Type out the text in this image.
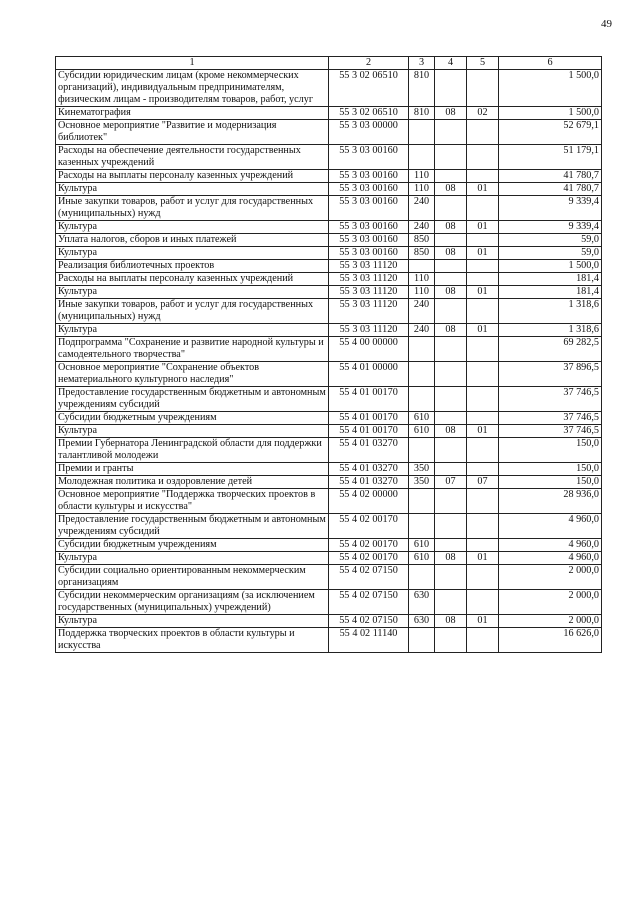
49
1	2	3	4	5	6
Субсидии юридическим лицам (кроме некоммерческих организаций), индивидуальным предпринимателям, физическим лицам - производителям товаров, работ, услуг	55 3 02 06510	810			1 500,0
Кинематография	55 3 02 06510	810	08	02	1 500,0
Основное мероприятие "Развитие и модернизация библиотек"	55 3 03 00000				52 679,1
Расходы на обеспечение деятельности государственных казенных учреждений	55 3 03 00160				51 179,1
Расходы на выплаты персоналу казенных учреждений	55 3 03 00160	110			41 780,7
Культура	55 3 03 00160	110	08	01	41 780,7
Иные закупки товаров, работ и услуг для государственных (муниципальных) нужд	55 3 03 00160	240			9 339,4
Культура	55 3 03 00160	240	08	01	9 339,4
Уплата налогов, сборов и иных платежей	55 3 03 00160	850			59,0
Культура	55 3 03 00160	850	08	01	59,0
Реализация библиотечных проектов	55 3 03 11120				1 500,0
Расходы на выплаты персоналу казенных учреждений	55 3 03 11120	110			181,4
Культура	55 3 03 11120	110	08	01	181,4
Иные закупки товаров, работ и услуг для государственных (муниципальных) нужд	55 3 03 11120	240			1 318,6
Культура	55 3 03 11120	240	08	01	1 318,6
Подпрограмма "Сохранение и развитие народной культуры и самодеятельного творчества"	55 4 00 00000				69 282,5
Основное мероприятие "Сохранение объектов нематериального культурного наследия"	55 4 01 00000				37 896,5
Предоставление государственным бюджетным и автономным учреждениям субсидий	55 4 01 00170				37 746,5
Субсидии бюджетным учреждениям	55 4 01 00170	610			37 746,5
Культура	55 4 01 00170	610	08	01	37 746,5
Премии Губернатора Ленинградской области для поддержки талантливой молодежи	55 4 01 03270				150,0
Премии и гранты	55 4 01 03270	350			150,0
Молодежная политика и оздоровление детей	55 4 01 03270	350	07	07	150,0
Основное мероприятие "Поддержка творческих проектов в области культуры и искусства"	55 4 02 00000				28 936,0
Предоставление государственным бюджетным и автономным учреждениям субсидий	55 4 02 00170				4 960,0
Субсидии бюджетным учреждениям	55 4 02 00170	610			4 960,0
Культура	55 4 02 00170	610	08	01	4 960,0
Субсидии социально ориентированным некоммерческим организациям	55 4 02 07150				2 000,0
Субсидии некоммерческим организациям (за исключением государственных (муниципальных) учреждений)	55 4 02 07150	630			2 000,0
Культура	55 4 02 07150	630	08	01	2 000,0
Поддержка творческих проектов в области культуры и искусства	55 4 02 11140				16 626,0
